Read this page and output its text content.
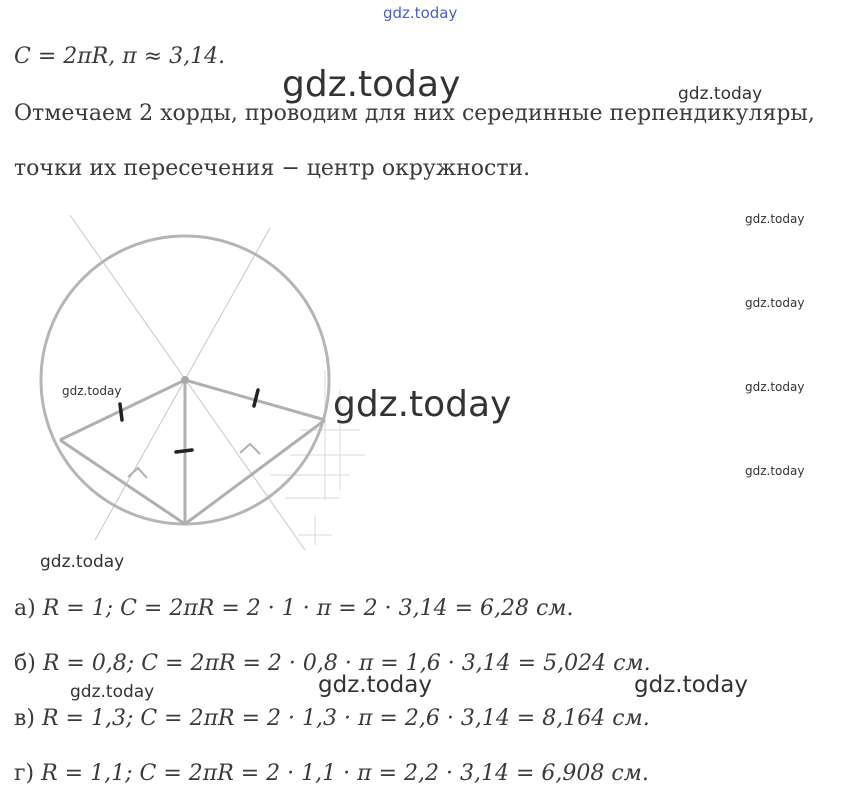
gdz.today
gdz.today	gdz.today
gdz.today
gdz.today
gdz.today
gdz.today
C = 2πR, π ≈ 3,14.
Отмечаем 2 хорды, проводим для них серединные перпендикуляры,
точки их пересечения − центр окружности.
gdz.today	gdz.today
gdz.today
а) R = 1; C = 2πR = 2 · 1 · π = 2 · 3,14 = 6,28 см.
б) R = 0,8; C = 2πR = 2 · 0,8 · π = 1,6 · 3,14 = 5,024 см.
gdz.today	gdz.today	gdz.today
в) R = 1,3; C = 2πR = 2 · 1,3 · π = 2,6 · 3,14 = 8,164 см.
г) R = 1,1; C = 2πR = 2 · 1,1 · π = 2,2 · 3,14 = 6,908 см.
